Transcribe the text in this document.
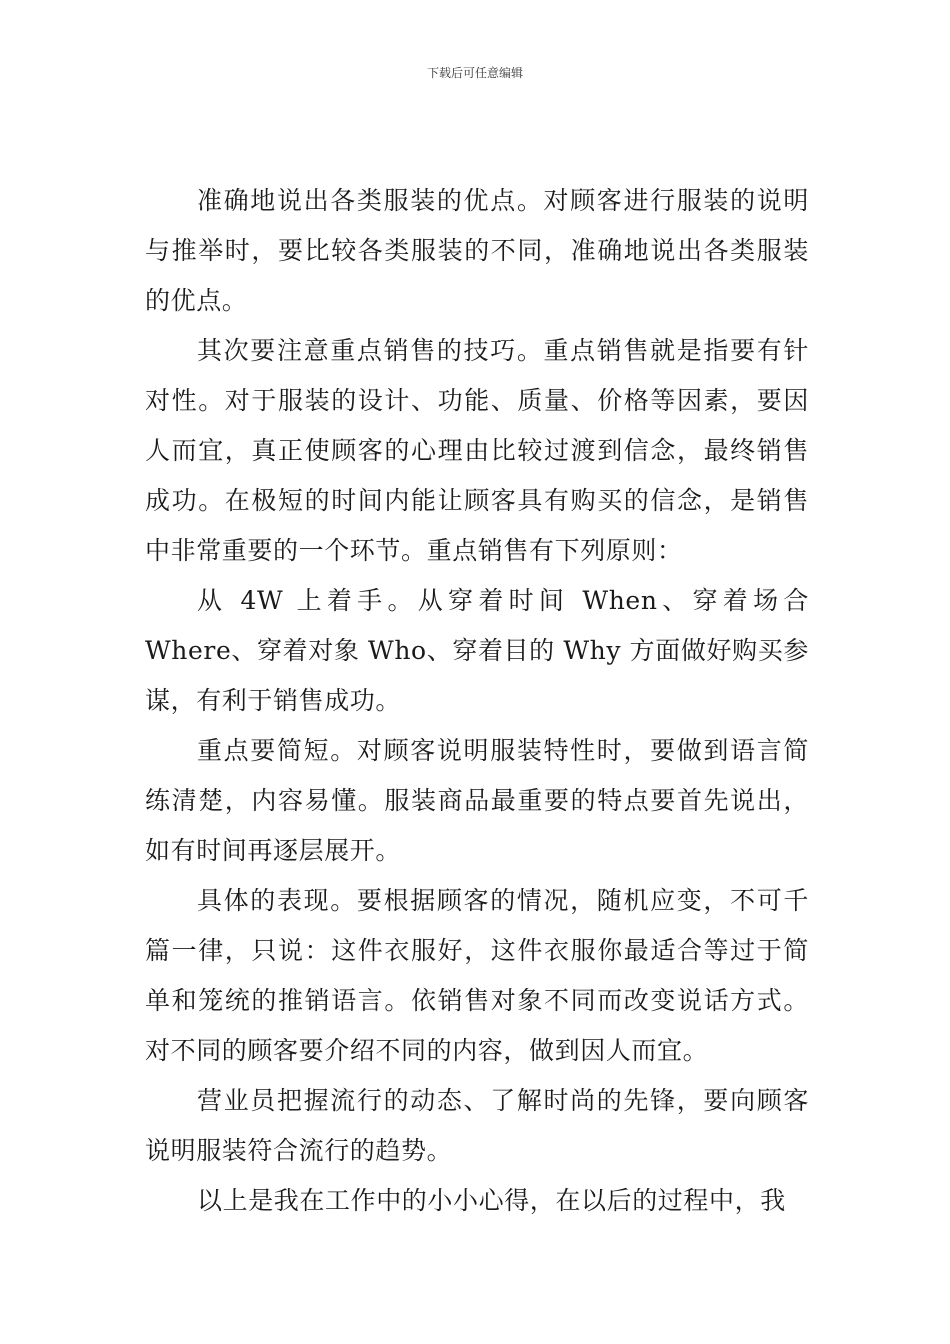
下载后可任意编辑

准确地说出各类服装的优点。对顾客进行服装的说明与推举时，要比较各类服装的不同，准确地说出各类服装的优点。

其次要注意重点销售的技巧。重点销售就是指要有针对性。对于服装的设计、功能、质量、价格等因素，要因人而宜，真正使顾客的心理由比较过渡到信念，最终销售成功。在极短的时间内能让顾客具有购买的信念，是销售中非常重要的一个环节。重点销售有下列原则：

从 4W 上着手。从穿着时间 When、穿着场合 Where、穿着对象 Who、穿着目的 Why 方面做好购买参谋，有利于销售成功。

重点要简短。对顾客说明服装特性时，要做到语言简练清楚，内容易懂。服装商品最重要的特点要首先说出，如有时间再逐层展开。

具体的表现。要根据顾客的情况，随机应变，不可千篇一律，只说：这件衣服好，这件衣服你最适合等过于简单和笼统的推销语言。依销售对象不同而改变说话方式。对不同的顾客要介绍不同的内容，做到因人而宜。

营业员把握流行的动态、了解时尚的先锋，要向顾客说明服装符合流行的趋势。

以上是我在工作中的小小心得，在以后的过程中，我
